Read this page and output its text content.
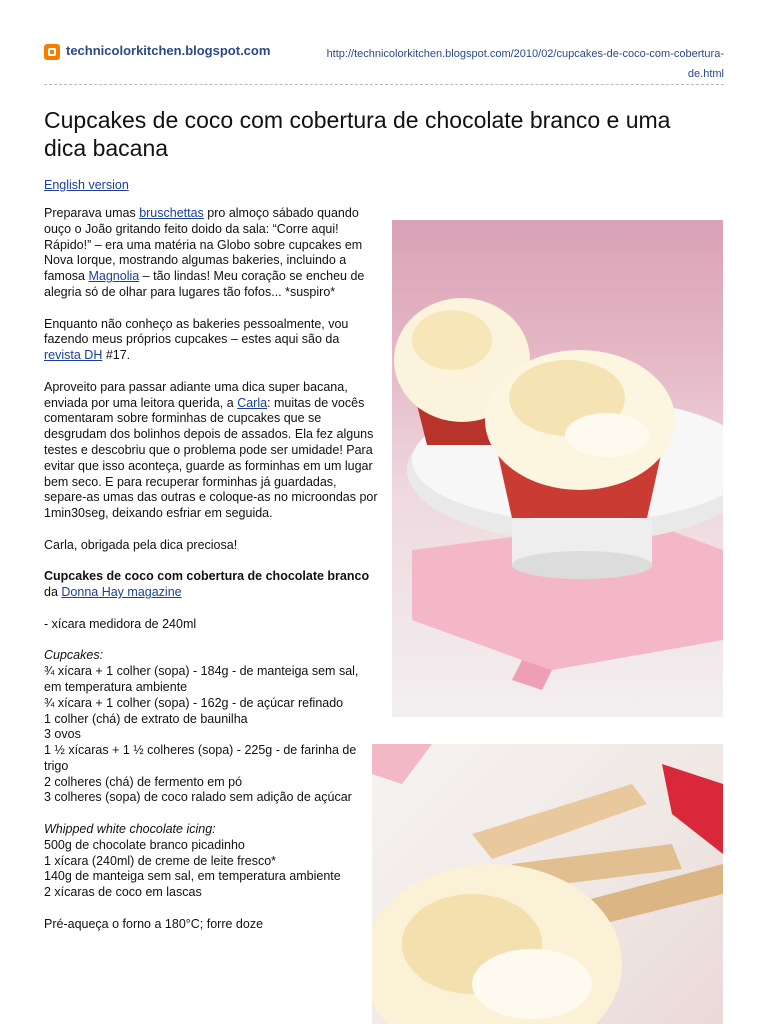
technicolorkitchen.blogspot.com	http://technicolorkitchen.blogspot.com/2010/02/cupcakes-de-coco-com-cobertura-de.html
Cupcakes de coco com cobertura de chocolate branco e uma dica bacana
English version

Preparava umas bruschettas pro almoço sábado quando ouço o João gritando feito doido da sala: “Corre aqui! Rápido!” – era uma matéria na Globo sobre cupcakes em Nova Iorque, mostrando algumas bakeries, incluindo a famosa Magnolia – tão lindas! Meu coração se encheu de alegria só de olhar para lugares tão fofos... *suspiro*

Enquanto não conheço as bakeries pessoalmente, vou fazendo meus próprios cupcakes – estes aqui são da revista DH #17.

Aproveito para passar adiante uma dica super bacana, enviada por uma leitora querida, a Carla: muitas de vocês comentaram sobre forminhas de cupcakes que se desgrudam dos bolinhos depois de assados. Ela fez alguns testes e descobriu que o problema pode ser umidade! Para evitar que isso aconteça, guarde as forminhas em um lugar bem seco. E para recuperar forminhas já guardadas, separe-as umas das outras e coloque-as no microondas por 1min30seg, deixando esfriar em seguida.

Carla, obrigada pela dica preciosa!

Cupcakes de coco com cobertura de chocolate branco

da Donna Hay magazine

- xícara medidora de 240ml

Cupcakes:
¾ xícara + 1 colher (sopa) - 184g - de manteiga sem sal, em temperatura ambiente
¾ xícara + 1 colher (sopa) - 162g - de açúcar refinado
1 colher (chá) de extrato de baunilha
3 ovos
1 ½ xícaras + 1 ½ colheres (sopa) - 225g - de farinha de trigo
2 colheres (chá) de fermento em pó

3 colheres (sopa) de coco ralado sem adição de açúcar

Whipped white chocolate icing:
500g de chocolate branco picadinho
1 xícara (240ml) de creme de leite fresco*
140g de manteiga sem sal, em temperatura ambiente

2 xícaras de coco em lascas

Pré-aqueça o forno a 180°C; forre doze
